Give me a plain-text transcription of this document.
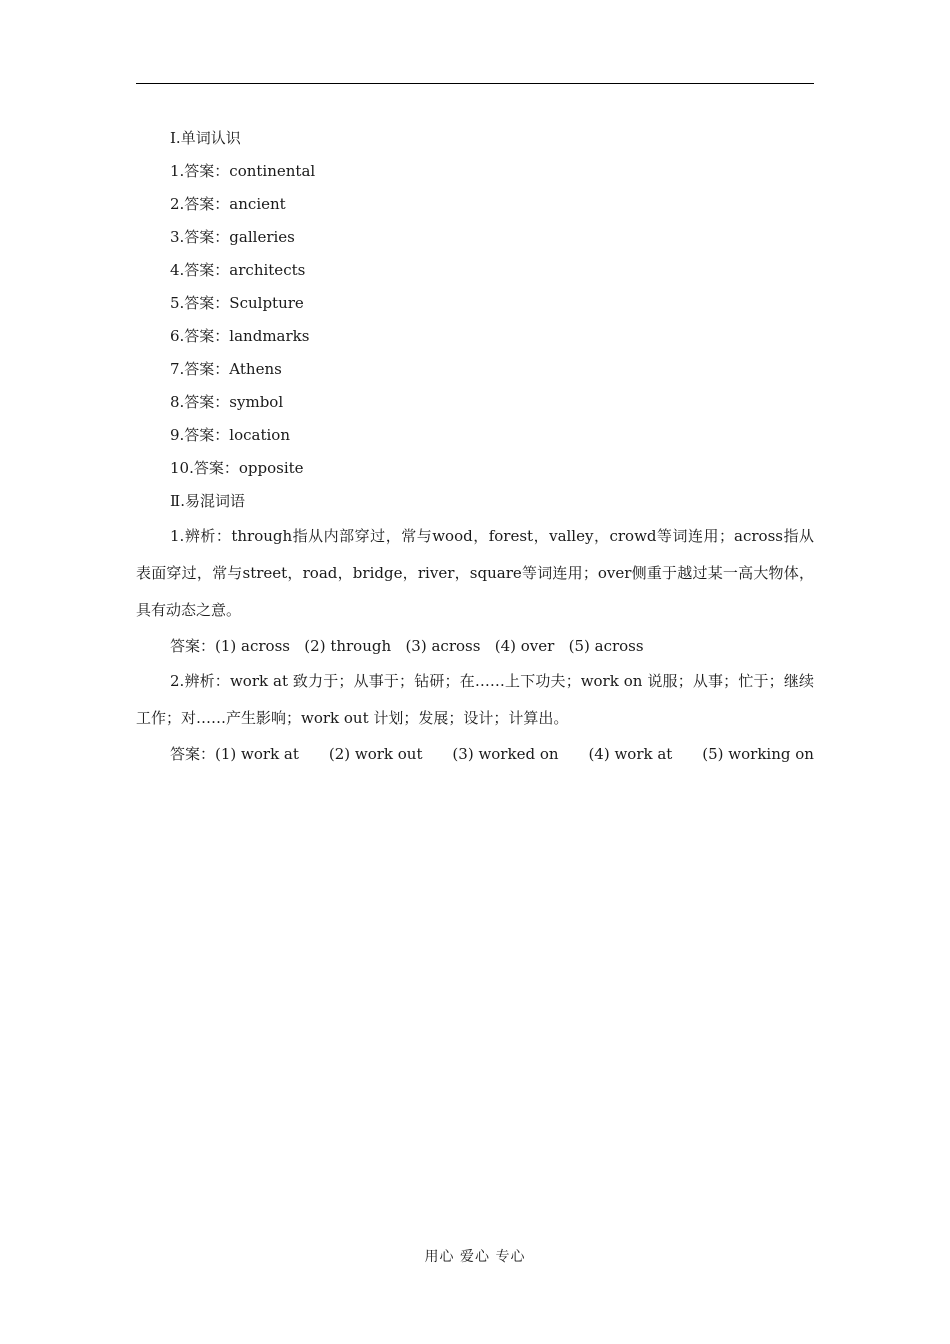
Ⅰ.单词认识

1.答案：continental

2.答案：ancient

3.答案：galleries

4.答案：architects

5.答案：Sculpture

6.答案：landmarks

7.答案：Athens

8.答案：symbol

9.答案：location

10.答案：opposite

Ⅱ.易混词语

1.辨析：through指从内部穿过，常与wood，forest，valley，crowd等词连用；across指从表面穿过，常与street，road，bridge，river，square等词连用；over侧重于越过某一高大物体，具有动态之意。

答案：(1) across (2) through (3) across (4) over (5) across

2.辨析：work at 致力于；从事于；钻研；在……上下功夫；work on 说服；从事；忙于；继续工作；对……产生影响；work out 计划；发展；设计；计算出。

答案：(1) work at (2) work out (3) worked on (4) work at (5) working on
用心 爱心 专心
